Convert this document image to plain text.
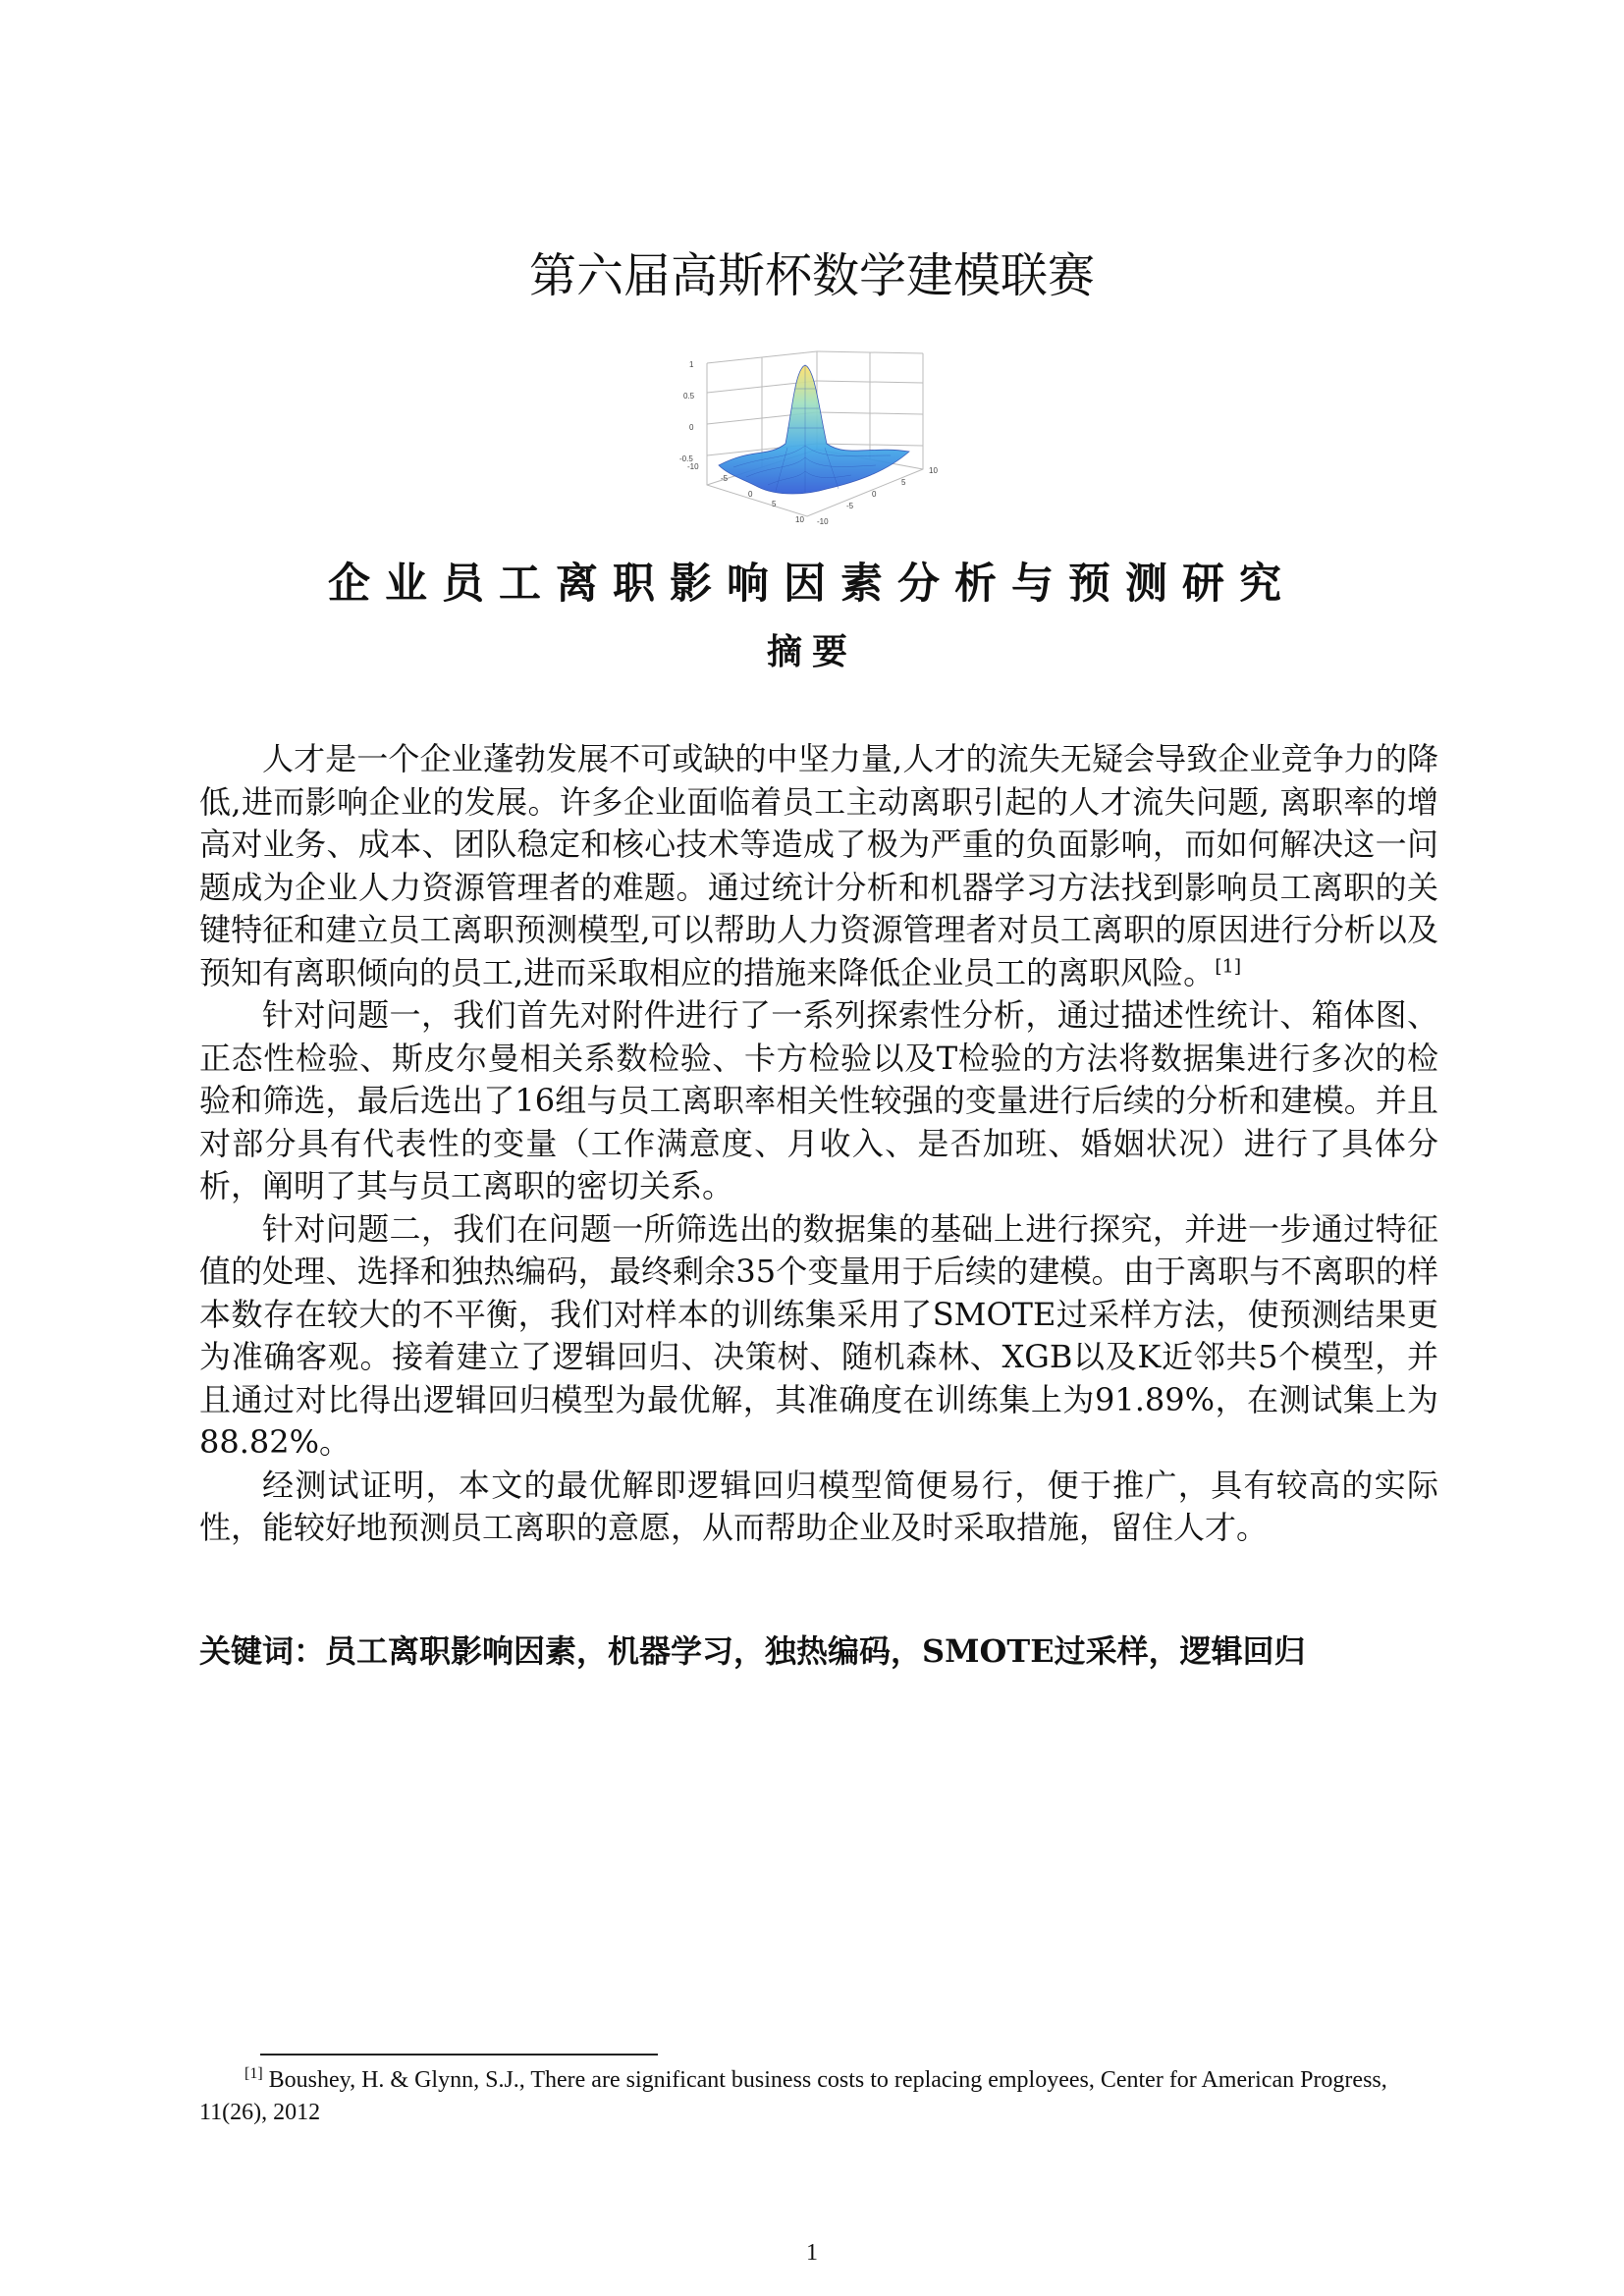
第六届高斯杯数学建模联赛
1
0.5
0
-0.5
-10
-5
0
5
10
10
5
0
-5
-10
企业员工离职影响因素分析与预测研究
摘要

人才是一个企业蓬勃发展不可或缺的中坚力量,人才的流失无疑会导致企业竞争力的降低,进而影响企业的发展。许多企业面临着员工主动离职引起的人才流失问题, 离职率的增高对业务、成本、团队稳定和核心技术等造成了极为严重的负面影响，而如何解决这一问题成为企业人力资源管理者的难题。通过统计分析和机器学习方法找到影响员工离职的关键特征和建立员工离职预测模型,可以帮助人力资源管理者对员工离职的原因进行分析以及预知有离职倾向的员工,进而采取相应的措施来降低企业员工的离职风险。[1]

针对问题一，我们首先对附件进行了一系列探索性分析，通过描述性统计、箱体图、正态性检验、斯皮尔曼相关系数检验、卡方检验以及T检验的方法将数据集进行多次的检验和筛选，最后选出了16组与员工离职率相关性较强的变量进行后续的分析和建模。并且对部分具有代表性的变量（工作满意度、月收入、是否加班、婚姻状况）进行了具体分析，阐明了其与员工离职的密切关系。

针对问题二，我们在问题一所筛选出的数据集的基础上进行探究，并进一步通过特征值的处理、选择和独热编码，最终剩余35个变量用于后续的建模。由于离职与不离职的样本数存在较大的不平衡，我们对样本的训练集采用了SMOTE过采样方法，使预测结果更为准确客观。接着建立了逻辑回归、决策树、随机森林、XGB以及K近邻共5个模型，并且通过对比得出逻辑回归模型为最优解，其准确度在训练集上为91.89%，在测试集上为88.82%。

经测试证明，本文的最优解即逻辑回归模型简便易行，便于推广，具有较高的实际性，能较好地预测员工离职的意愿，从而帮助企业及时采取措施，留住人才。

关键词：员工离职影响因素，机器学习，独热编码，SMOTE过采样，逻辑回归
[1] Boushey, H. & Glynn, S.J., There are significant business costs to replacing employees, Center for American Progress, 11(26), 2012
1
